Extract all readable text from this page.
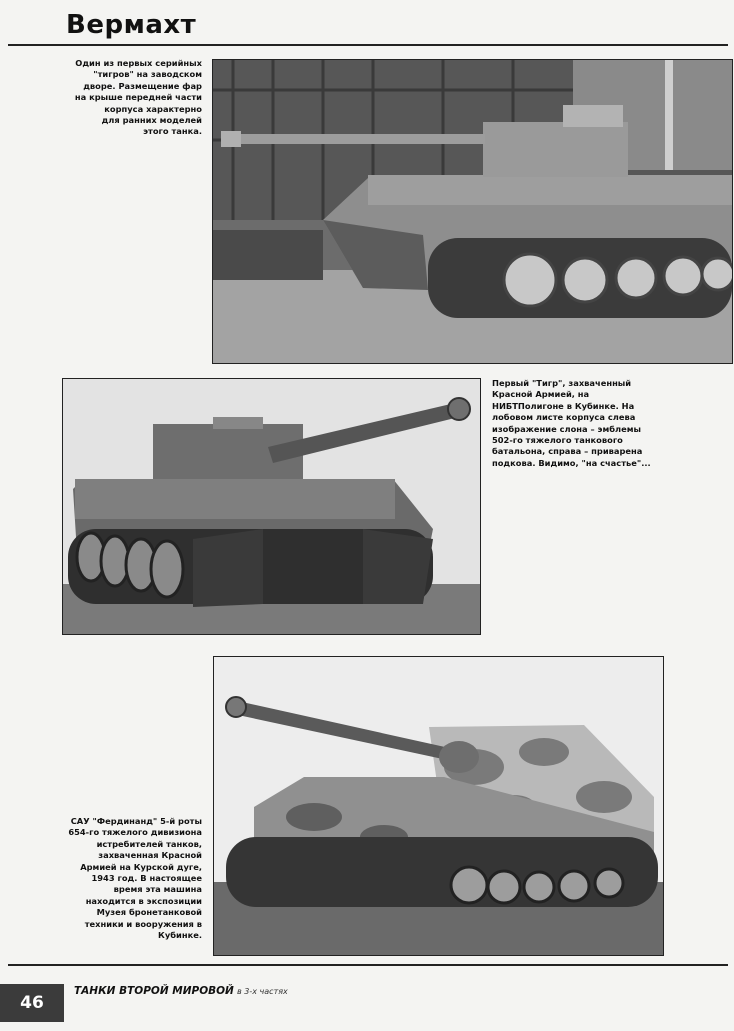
Вермахт

Один из первых серийных
"тигров" на заводском
дворе. Размещение фар
на крыше передней части
корпуса характерно
для ранних моделей
этого танка.

Первый "Тигр", захваченный
Красной Армией, на
НИБТПолигоне в Кубинке. На
лобовом листе корпуса слева
изображение слона – эмблемы
502-го тяжелого танкового
батальона, справа – приварена
подкова. Видимо, "на счастье"...

САУ "Фердинанд" 5-й роты
654-го тяжелого дивизиона
истребителей танков,
захваченная Красной
Армией на Курской дуге,
1943 год. В настоящее
время эта машина
находится в экспозиции
Музея бронетанковой
техники и вооружения в
Кубинке.

46
ТАНКИ ВТОРОЙ МИРОВОЙ в 3-х частях
